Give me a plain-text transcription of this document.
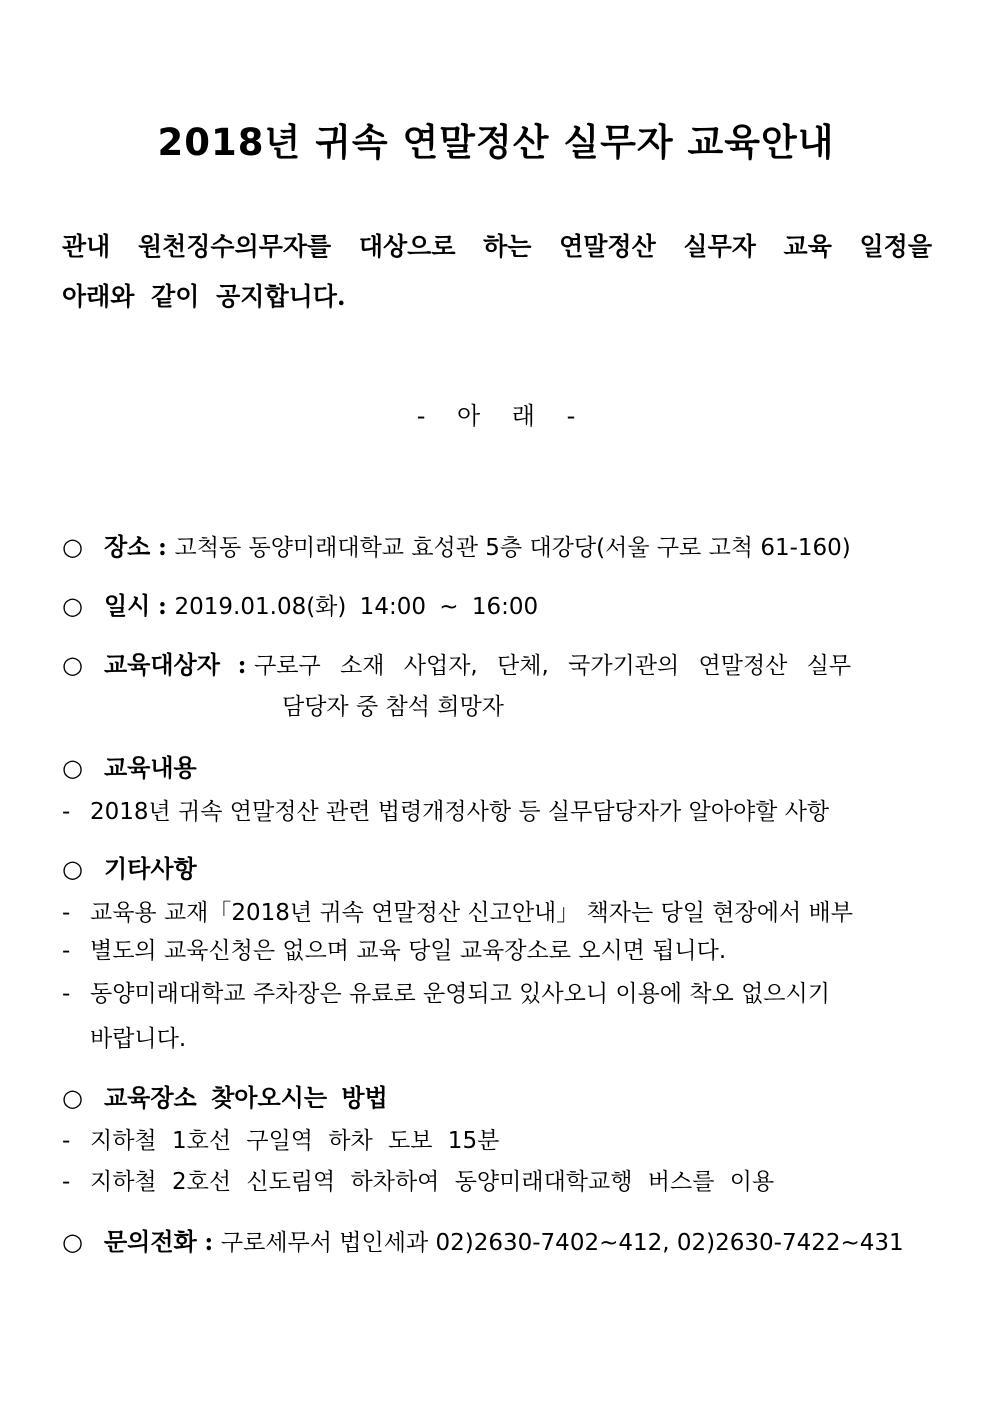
2018년 귀속 연말정산 실무자 교육안내

관내 원천징수의무자를 대상으로 하는 연말정산 실무자 교육 일정을
아래와 같이 공지합니다.

- 아 래 -

○ 장소 : 고척동 동양미래대학교 효성관 5층 대강당(서울 구로 고척 61-160)
○ 일시 : 2019.01.08(화) 14:00 ~ 16:00
○ 교육대상자 : 구로구 소재 사업자, 단체, 국가기관의 연말정산 실무
담당자 중 참석 희망자
○ 교육내용
- 2018년 귀속 연말정산 관련 법령개정사항 등 실무담당자가 알아야할 사항
○ 기타사항
- 교육용 교재「2018년 귀속 연말정산 신고안내」 책자는 당일 현장에서 배부
- 별도의 교육신청은 없으며 교육 당일 교육장소로 오시면 됩니다.
- 동양미래대학교 주차장은 유료로 운영되고 있사오니 이용에 착오 없으시기
바랍니다.
○ 교육장소 찾아오시는 방법
- 지하철 1호선 구일역 하차 도보 15분
- 지하철 2호선 신도림역 하차하여 동양미래대학교행 버스를 이용
○ 문의전화 : 구로세무서 법인세과 02)2630-7402~412, 02)2630-7422~431
